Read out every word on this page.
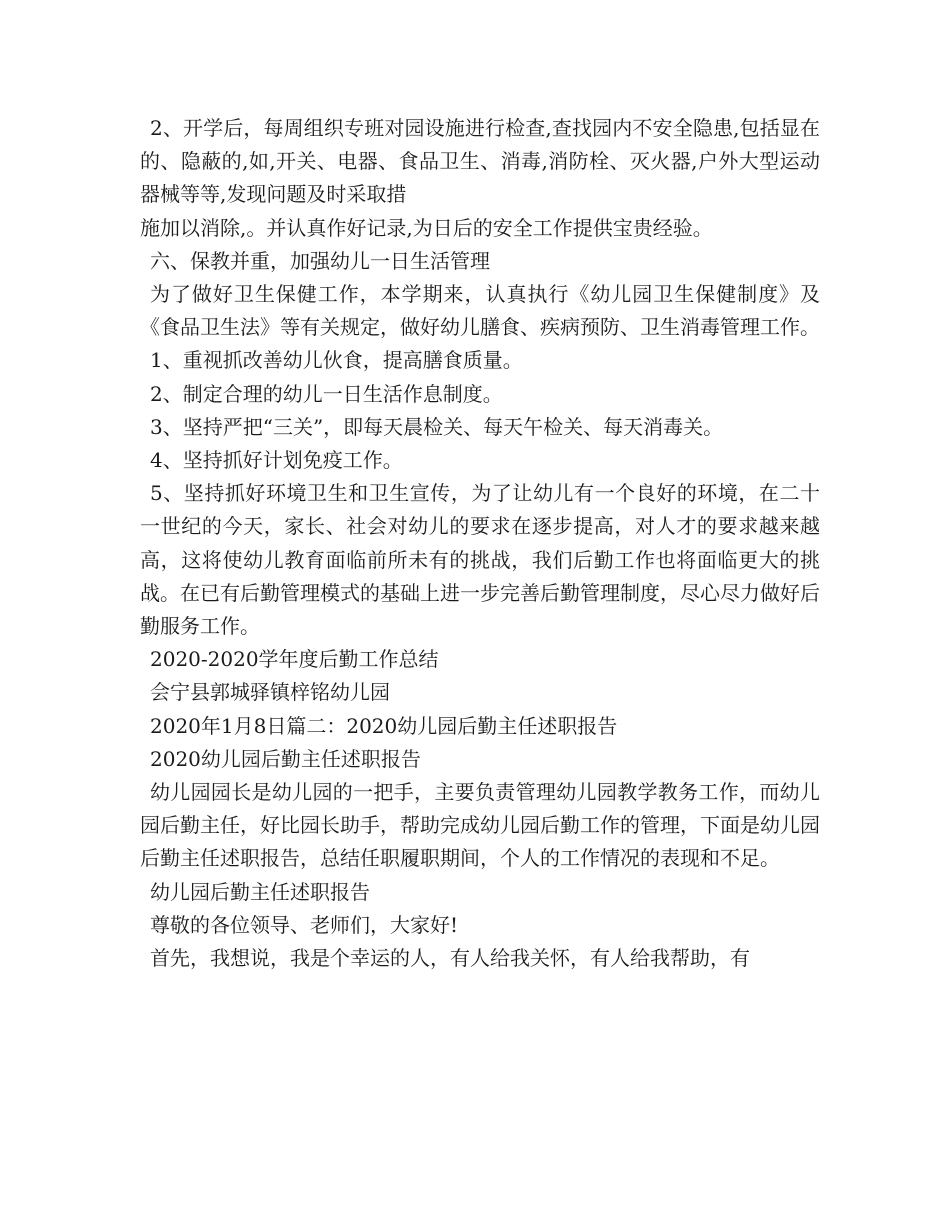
2、开学后，每周组织专班对园设施进行检查,查找园内不安全隐患,包括显在的、隐蔽的,如,开关、电器、食品卫生、消毒,消防栓、灭火器,户外大型运动器械等等,发现问题及时采取措

施加以消除,。并认真作好记录,为日后的安全工作提供宝贵经验。

六、保教并重，加强幼儿一日生活管理

为了做好卫生保健工作，本学期来，认真执行《幼儿园卫生保健制度》及《食品卫生法》等有关规定，做好幼儿膳食、疾病预防、卫生消毒管理工作。

1、重视抓改善幼儿伙食，提高膳食质量。

2、制定合理的幼儿一日生活作息制度。

3、坚持严把“三关”，即每天晨检关、每天午检关、每天消毒关。

4、坚持抓好计划免疫工作。

5、坚持抓好环境卫生和卫生宣传，为了让幼儿有一个良好的环境，在二十一世纪的今天，家长、社会对幼儿的要求在逐步提高，对人才的要求越来越高，这将使幼儿教育面临前所未有的挑战，我们后勤工作也将面临更大的挑战。在已有后勤管理模式的基础上进一步完善后勤管理制度，尽心尽力做好后勤服务工作。

2020-2020学年度后勤工作总结

会宁县郭城驿镇梓铭幼儿园

2020年1月8日篇二：2020幼儿园后勤主任述职报告

2020幼儿园后勤主任述职报告

幼儿园园长是幼儿园的一把手，主要负责管理幼儿园教学教务工作，而幼儿园后勤主任，好比园长助手，帮助完成幼儿园后勤工作的管理，下面是幼儿园后勤主任述职报告，总结任职履职期间，个人的工作情况的表现和不足。

幼儿园后勤主任述职报告

尊敬的各位领导、老师们，大家好!

首先，我想说，我是个幸运的人，有人给我关怀，有人给我帮助，有
